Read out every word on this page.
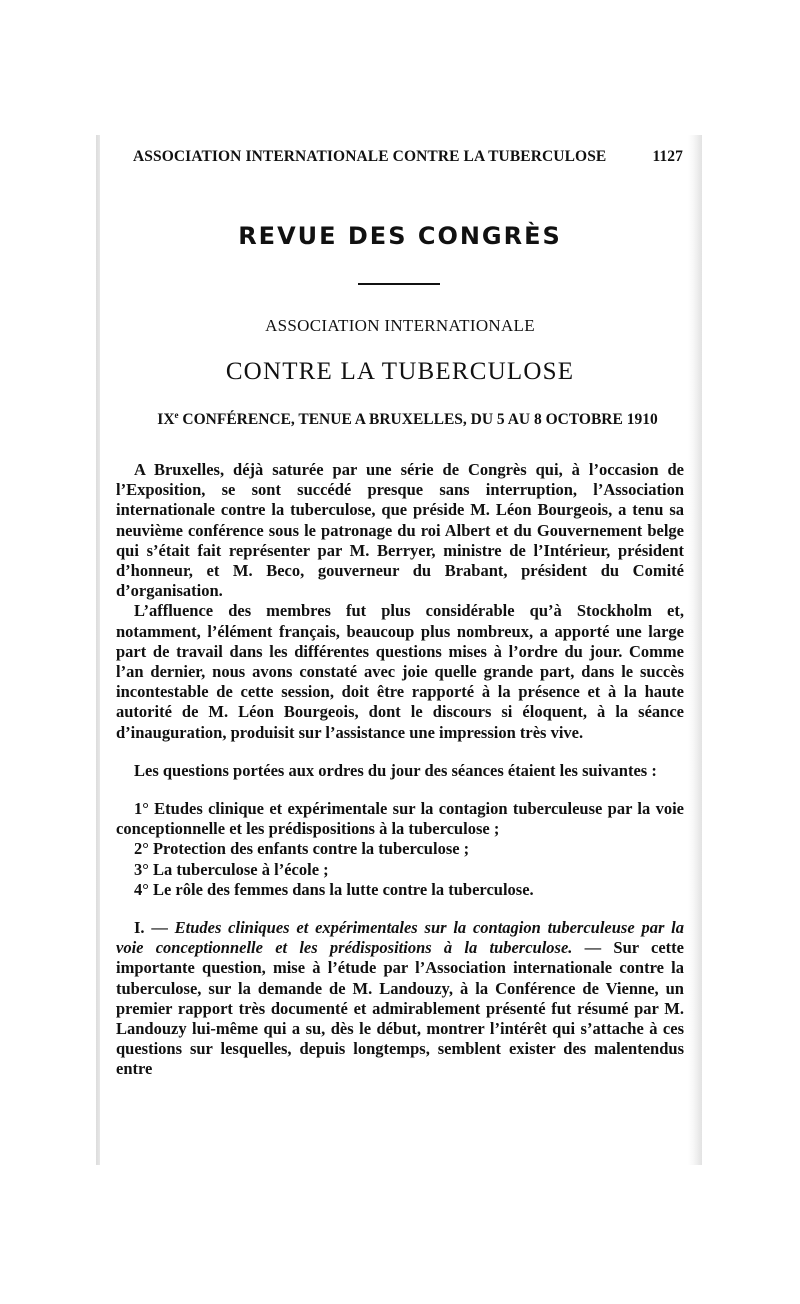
ASSOCIATION INTERNATIONALE CONTRE LA TUBERCULOSE	1127
REVUE DES CONGRÈS
ASSOCIATION INTERNATIONALE
CONTRE LA TUBERCULOSE
IXe CONFÉRENCE, TENUE A BRUXELLES, DU 5 AU 8 OCTOBRE 1910

A Bruxelles, déjà saturée par une série de Congrès qui, à l’occasion de l’Exposition, se sont succédé presque sans interruption, l’Association internationale contre la tuberculose, que préside M. Léon Bourgeois, a tenu sa neuvième conférence sous le patronage du roi Albert et du Gouvernement belge qui s’était fait représenter par M. Berryer, ministre de l’Intérieur, président d’honneur, et M. Beco, gouverneur du Brabant, président du Comité d’organisation.

L’affluence des membres fut plus considérable qu’à Stockholm et, notamment, l’élément français, beaucoup plus nombreux, a apporté une large part de travail dans les différentes questions mises à l’ordre du jour. Comme l’an dernier, nous avons constaté avec joie quelle grande part, dans le succès incontestable de cette session, doit être rapporté à la présence et à la haute autorité de M. Léon Bourgeois, dont le discours si éloquent, à la séance d’inauguration, produisit sur l’assistance une impression très vive.

Les questions portées aux ordres du jour des séances étaient les suivantes :

1° Etudes clinique et expérimentale sur la contagion tuberculeuse par la voie conceptionnelle et les prédispositions à la tuberculose ;

2° Protection des enfants contre la tuberculose ;

3° La tuberculose à l’école ;

4° Le rôle des femmes dans la lutte contre la tuberculose.

I. — Etudes cliniques et expérimentales sur la contagion tuberculeuse par la voie conceptionnelle et les prédispositions à la tuberculose. — Sur cette importante question, mise à l’étude par l’Association internationale contre la tuberculose, sur la demande de M. Landouzy, à la Conférence de Vienne, un premier rapport très documenté et admirablement présenté fut résumé par M. Landouzy lui-même qui a su, dès le début, montrer l’intérêt qui s’attache à ces questions sur lesquelles, depuis longtemps, semblent exister des malentendus entre
